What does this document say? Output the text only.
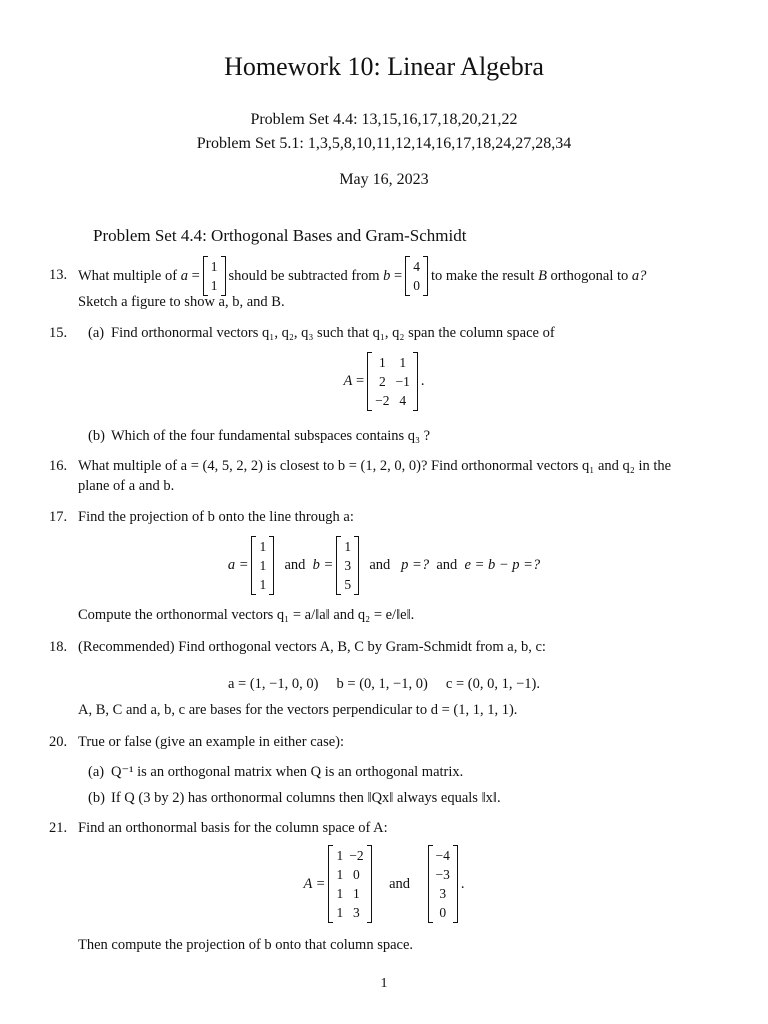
Homework 10: Linear Algebra
Problem Set 4.4: 13,15,16,17,18,20,21,22
Problem Set 5.1: 1,3,5,8,10,11,12,14,16,17,18,24,27,28,34
May 16, 2023
Problem Set 4.4: Orthogonal Bases and Gram-Schmidt
13. What multiple of
a
=
1
1
should be subtracted from
b
=
4
0
to make the result
B
orthogonal to
a?
Sketch a figure to show a, b, and B.
15. (a) Find orthonormal vectors q₁, q₂, q₃ such that q₁, q₂ span the column space of
A
=
1
2
−2
1
−1
4
.
(b) Which of the four fundamental subspaces contains q₃ ?
16. What multiple of a = (4, 5, 2, 2) is closest to b = (1, 2, 0, 0)? Find orthonormal vectors q₁ and q₂ in the
plane of a and b.
17. Find the projection of b onto the line through a:
a =
1
1
1

and
b =
1
3
5

and
p =?
and
e = b − p =?
Compute the orthonormal vectors q₁ = a/‖a‖ and q₂ = e/‖e‖.
18. (Recommended) Find orthogonal vectors A, B, C by Gram-Schmidt from a, b, c:
a = (1, −1, 0, 0)     b = (0, 1, −1, 0)     c = (0, 0, 1, −1).
A, B, C and a, b, c are bases for the vectors perpendicular to d = (1, 1, 1, 1).
20. True or false (give an example in either case):
(a) Q⁻¹ is an orthogonal matrix when Q is an orthogonal matrix.
(b) If Q (3 by 2) has orthonormal columns then ‖Qx‖ always equals ‖x‖.
21. Find an orthonormal basis for the column space of A:
A =
1
1
1
1
−2
0
1
3

and

−4
−3
3
0
.
Then compute the projection of b onto that column space.
1
